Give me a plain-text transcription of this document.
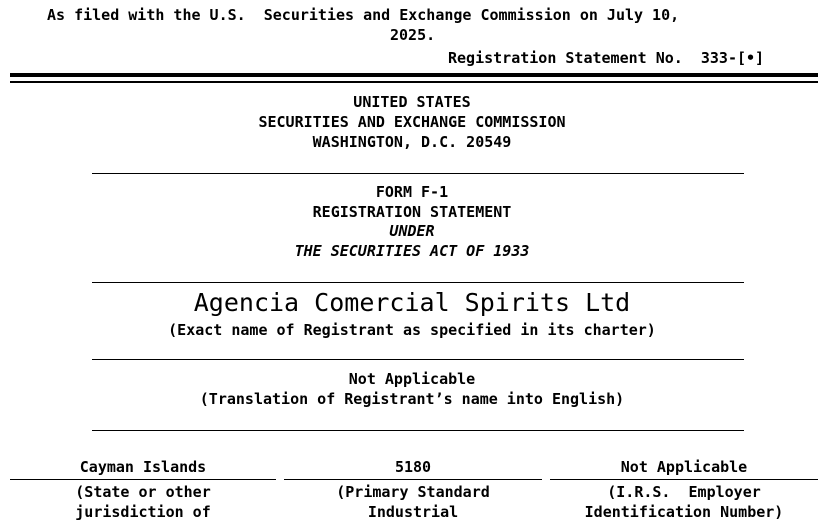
As filed with the U.S.  Securities and Exchange Commission on July 10,
2025.
Registration Statement No.  333-[•]
UNITED STATES
SECURITIES AND EXCHANGE COMMISSION
WASHINGTON, D.C. 20549
FORM F-1
REGISTRATION STATEMENT
UNDER
THE SECURITIES ACT OF 1933
Agencia Comercial Spirits Ltd
(Exact name of Registrant as specified in its charter)
Not Applicable
(Translation of Registrant’s name into English)
Cayman Islands	5180	Not Applicable
(State or other
jurisdiction of
(Primary Standard
Industrial
(I.R.S.  Employer
Identification Number)
